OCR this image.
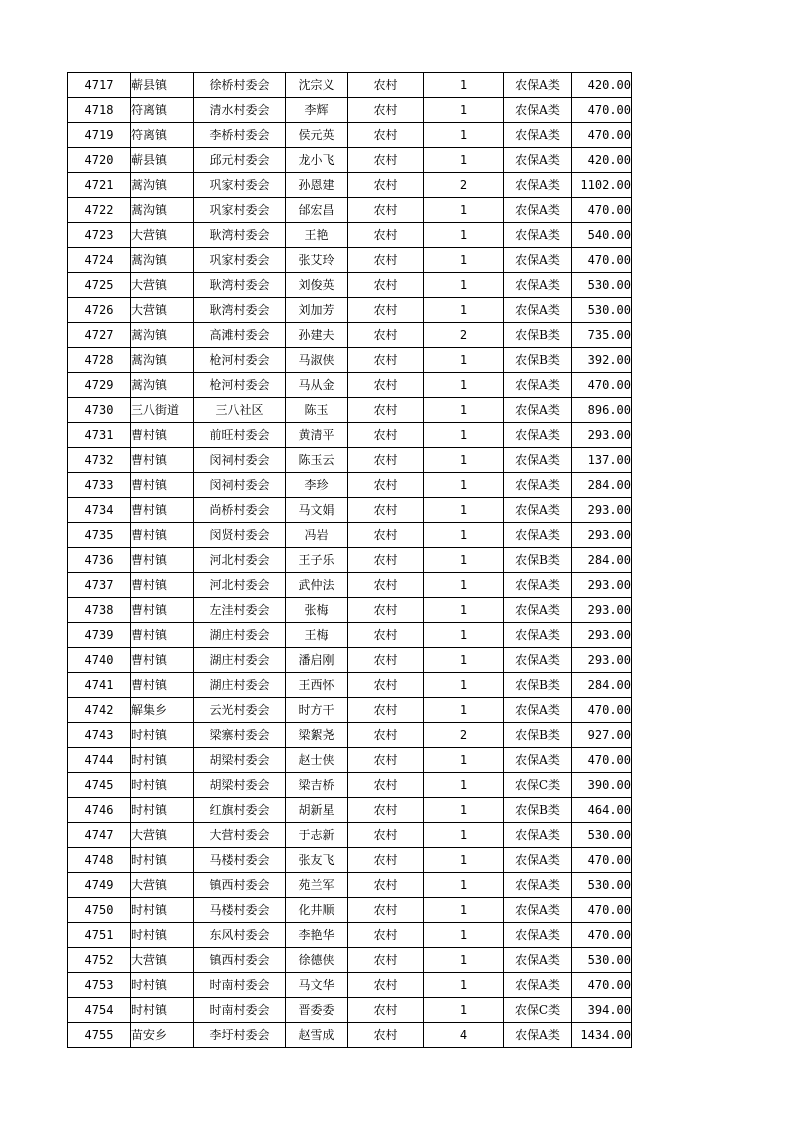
4717	蕲县镇	徐桥村委会	沈宗义	农村	1	农保A类	420.00
4718	符离镇	清水村委会	李辉	农村	1	农保A类	470.00
4719	符离镇	李桥村委会	侯元英	农村	1	农保A类	470.00
4720	蕲县镇	邱元村委会	龙小飞	农村	1	农保A类	420.00
4721	蒿沟镇	巩家村委会	孙恩建	农村	2	农保A类	1102.00
4722	蒿沟镇	巩家村委会	邰宏昌	农村	1	农保A类	470.00
4723	大营镇	耿湾村委会	王艳	农村	1	农保A类	540.00
4724	蒿沟镇	巩家村委会	张艾玲	农村	1	农保A类	470.00
4725	大营镇	耿湾村委会	刘俊英	农村	1	农保A类	530.00
4726	大营镇	耿湾村委会	刘加芳	农村	1	农保A类	530.00
4727	蒿沟镇	高滩村委会	孙建夫	农村	2	农保B类	735.00
4728	蒿沟镇	枪河村委会	马淑侠	农村	1	农保B类	392.00
4729	蒿沟镇	枪河村委会	马从金	农村	1	农保A类	470.00
4730	三八街道	三八社区	陈玉	农村	1	农保A类	896.00
4731	曹村镇	前旺村委会	黄清平	农村	1	农保A类	293.00
4732	曹村镇	闵祠村委会	陈玉云	农村	1	农保A类	137.00
4733	曹村镇	闵祠村委会	李珍	农村	1	农保A类	284.00
4734	曹村镇	尚桥村委会	马文娟	农村	1	农保A类	293.00
4735	曹村镇	闵贤村委会	冯岩	农村	1	农保A类	293.00
4736	曹村镇	河北村委会	王子乐	农村	1	农保B类	284.00
4737	曹村镇	河北村委会	武仲法	农村	1	农保A类	293.00
4738	曹村镇	左洼村委会	张梅	农村	1	农保A类	293.00
4739	曹村镇	湖庄村委会	王梅	农村	1	农保A类	293.00
4740	曹村镇	湖庄村委会	潘启刚	农村	1	农保A类	293.00
4741	曹村镇	湖庄村委会	王西怀	农村	1	农保B类	284.00
4742	解集乡	云光村委会	时方干	农村	1	农保A类	470.00
4743	时村镇	梁寨村委会	梁絮尧	农村	2	农保B类	927.00
4744	时村镇	胡梁村委会	赵士侠	农村	1	农保A类	470.00
4745	时村镇	胡梁村委会	梁吉桥	农村	1	农保C类	390.00
4746	时村镇	红旗村委会	胡新星	农村	1	农保B类	464.00
4747	大营镇	大营村委会	于志新	农村	1	农保A类	530.00
4748	时村镇	马楼村委会	张友飞	农村	1	农保A类	470.00
4749	大营镇	镇西村委会	苑兰军	农村	1	农保A类	530.00
4750	时村镇	马楼村委会	化井顺	农村	1	农保A类	470.00
4751	时村镇	东风村委会	李艳华	农村	1	农保A类	470.00
4752	大营镇	镇西村委会	徐德侠	农村	1	农保A类	530.00
4753	时村镇	时南村委会	马文华	农村	1	农保A类	470.00
4754	时村镇	时南村委会	晋委委	农村	1	农保C类	394.00
4755	苗安乡	李圩村委会	赵雪成	农村	4	农保A类	1434.00
